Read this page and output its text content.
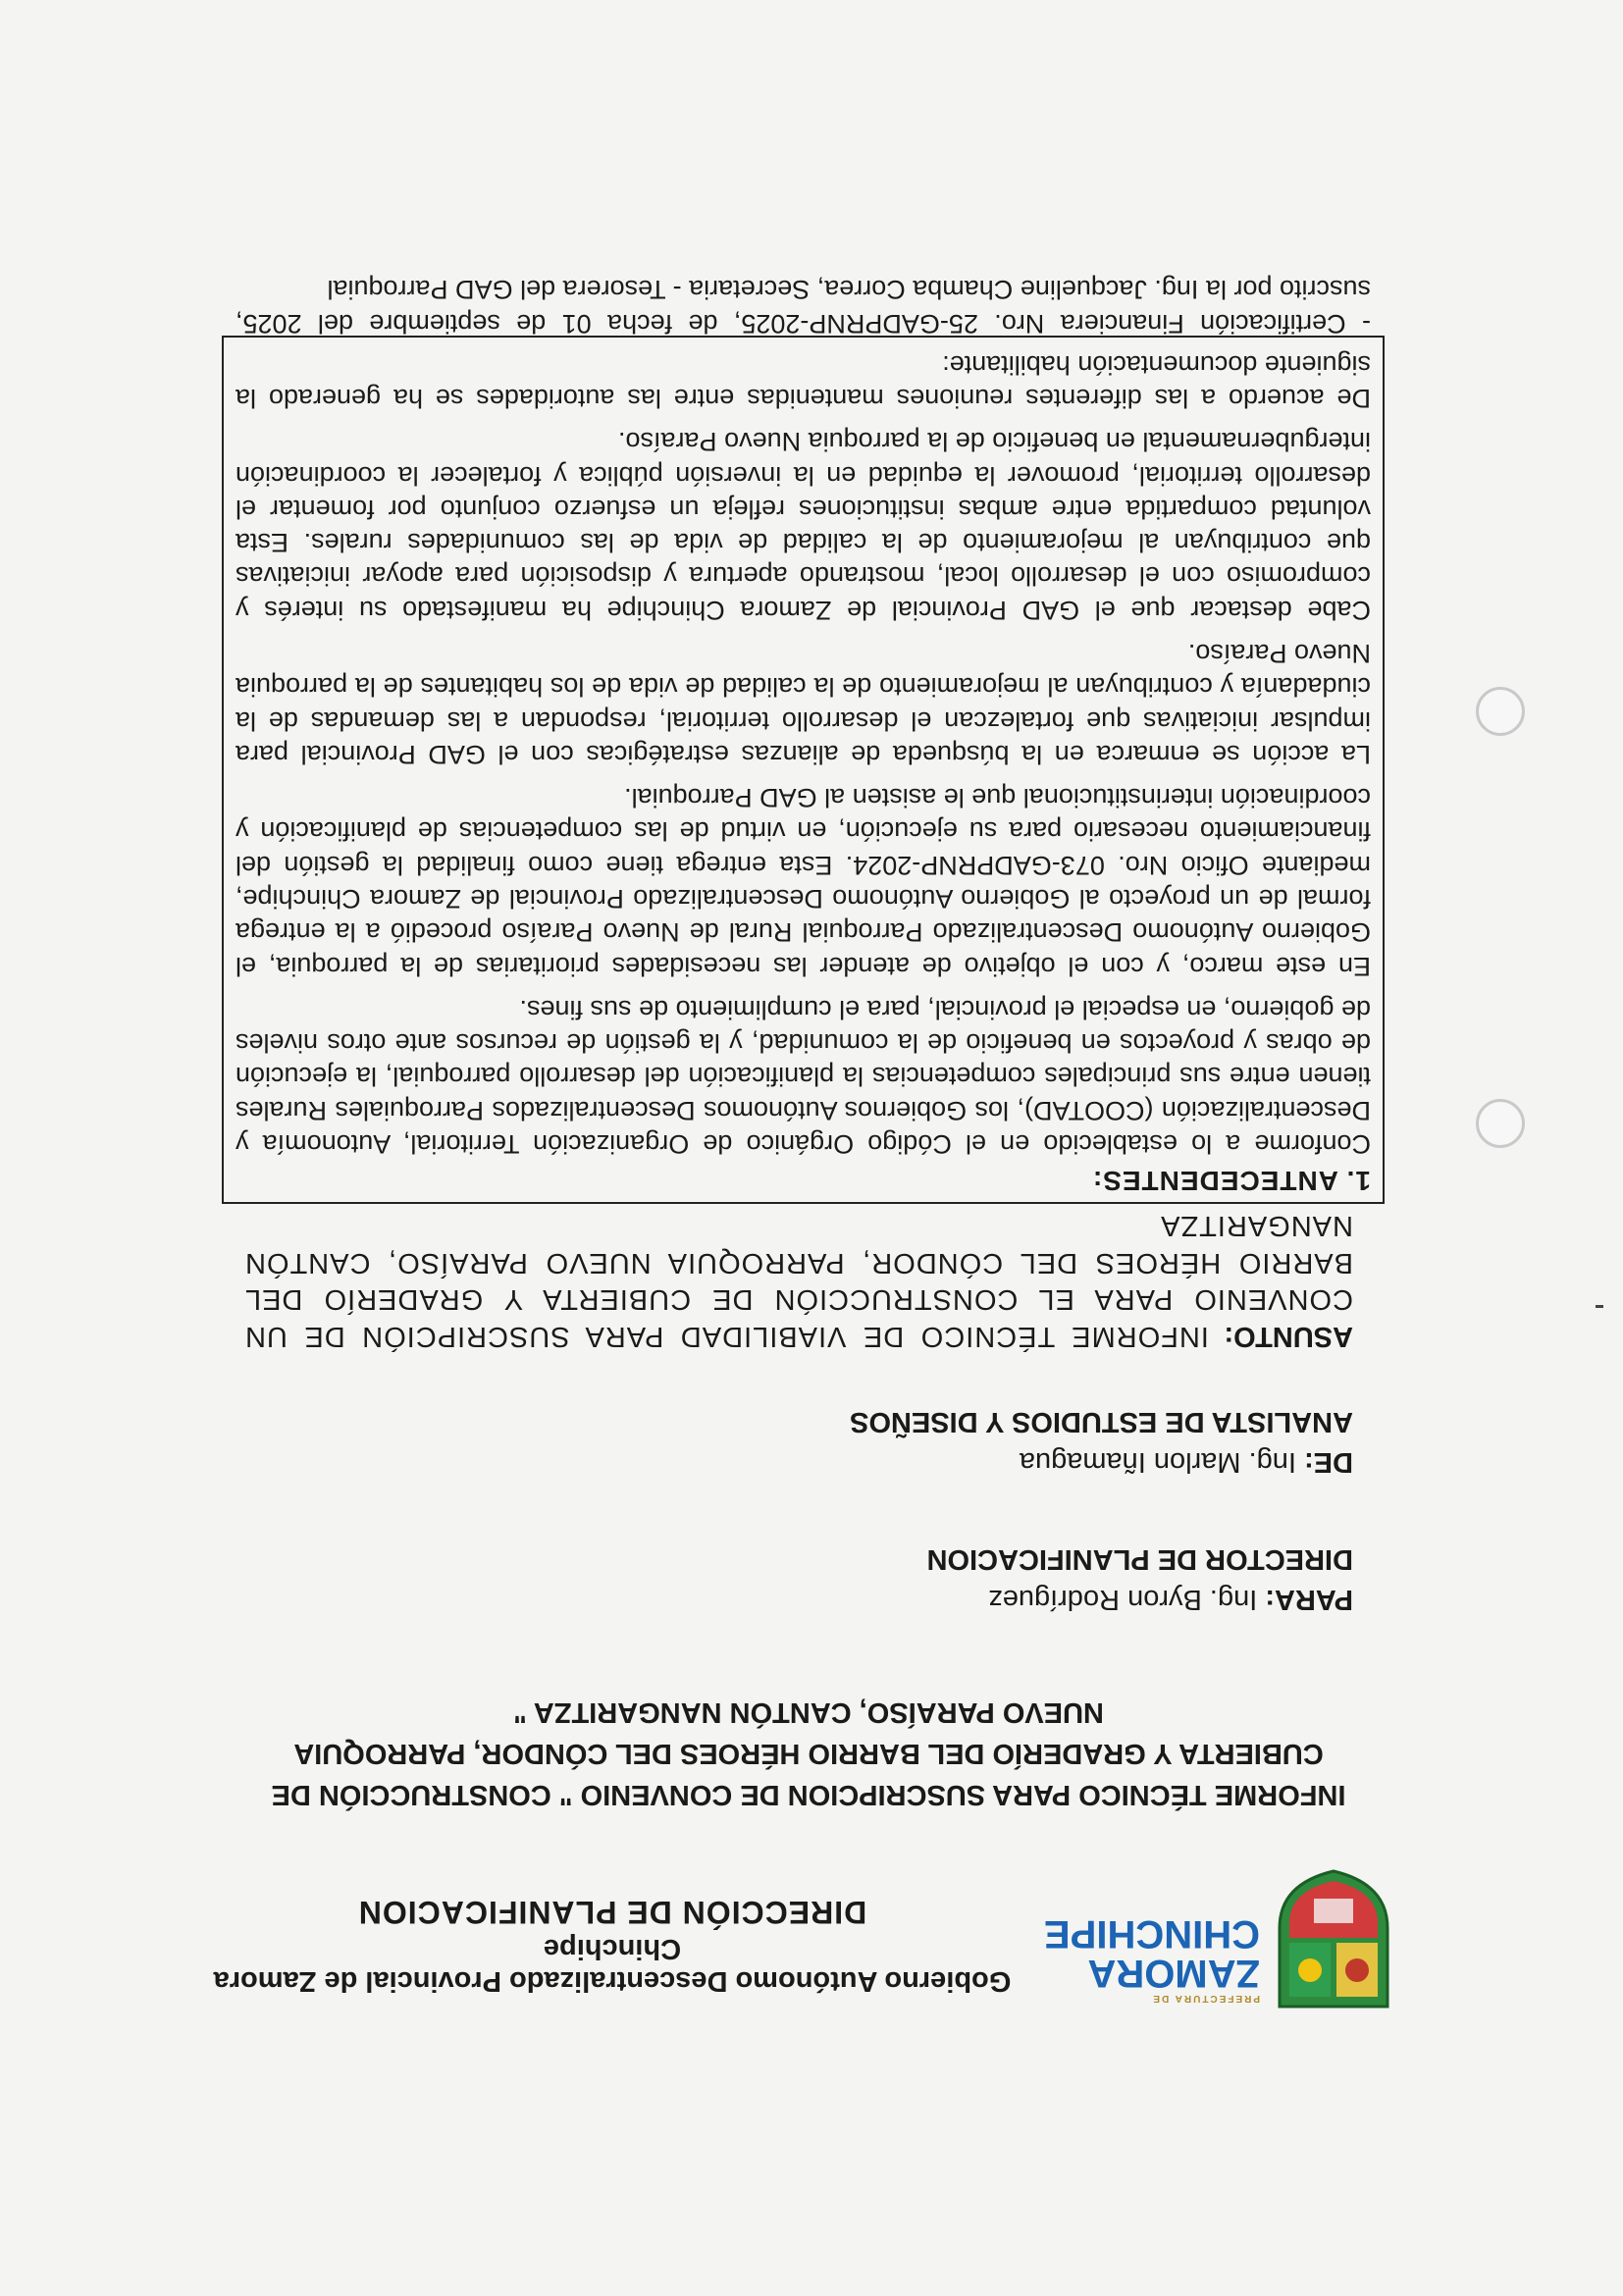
PREFECTURA DE
ZAMORA
CHINCHIPE
Gobierno Autónomo Descentralizado Provincial de Zamora Chinchipe
DIRECCIÓN DE PLANIFICACION
INFORME TÉCNICO PARA SUSCRIPCION DE CONVENIO " CONSTRUCCIÓN DE CUBIERTA Y GRADERÍO DEL BARRIO HÉROES DEL CÓNDOR, PARROQUIA NUEVO PARAÍSO, CANTÓN NANGARITZA "
PARA: Ing. Byron Rodríguez
DIRECTOR DE PLANIFICACION
DE: Ing. Marlon Iñamagua
ANALISTA DE ESTUDIOS Y DISEÑOS
ASUNTO: INFORME TÉCNICO DE VIABILIDAD PARA SUSCRIPCIÓN DE UN CONVENIO PARA EL CONSTRUCCIÓN DE CUBIERTA Y GRADERÍO DEL BARRIO HÉROES DEL CÓNDOR, PARROQUIA NUEVO PARAÍSO, CANTÓN NANGARITZA
1. ANTECEDENTES:

Conforme a lo establecido en el Código Orgánico de Organización Territorial, Autonomía y Descentralización (COOTAD), los Gobiernos Autónomos Descentralizados Parroquiales Rurales tienen entre sus principales competencias la planificación del desarrollo parroquial, la ejecución de obras y proyectos en beneficio de la comunidad, y la gestión de recursos ante otros niveles de gobierno, en especial el provincial, para el cumplimiento de sus fines.

En este marco, y con el objetivo de atender las necesidades prioritarias de la parroquia, el Gobierno Autónomo Descentralizado Parroquial Rural de Nuevo Paraíso procedió a la entrega formal de un proyecto al Gobierno Autónomo Descentralizado Provincial de Zamora Chinchipe, mediante Oficio Nro. 073-GADPRNP-2024. Esta entrega tiene como finalidad la gestión del financiamiento necesario para su ejecución, en virtud de las competencias de planificación y coordinación interinstitucional que le asisten al GAD Parroquial.

La acción se enmarca en la búsqueda de alianzas estratégicas con el GAD Provincial para impulsar iniciativas que fortalezcan el desarrollo territorial, respondan a las demandas de la ciudadanía y contribuyan al mejoramiento de la calidad de vida de los habitantes de la parroquia Nuevo Paraíso.

Cabe destacar que el GAD Provincial de Zamora Chinchipe ha manifestado su interés y compromiso con el desarrollo local, mostrando apertura y disposición para apoyar iniciativas que contribuyan al mejoramiento de la calidad de vida de las comunidades rurales. Esta voluntad compartida entre ambas instituciones refleja un esfuerzo conjunto por fomentar el desarrollo territorial, promover la equidad en la inversión pública y fortalecer la coordinación intergubernamental en beneficio de la parroquia Nuevo Paraíso.

De acuerdo a las diferentes reuniones mantenidas entre las autoridades se ha generado la siguiente documentación habilitante:

- Certificación Financiera Nro. 25-GADPRNP-2025, de fecha 01 de septiembre del 2025, suscrito por la Ing. Jacqueline Chamba Correa, Secretaria - Tesorera del GAD Parroquial
